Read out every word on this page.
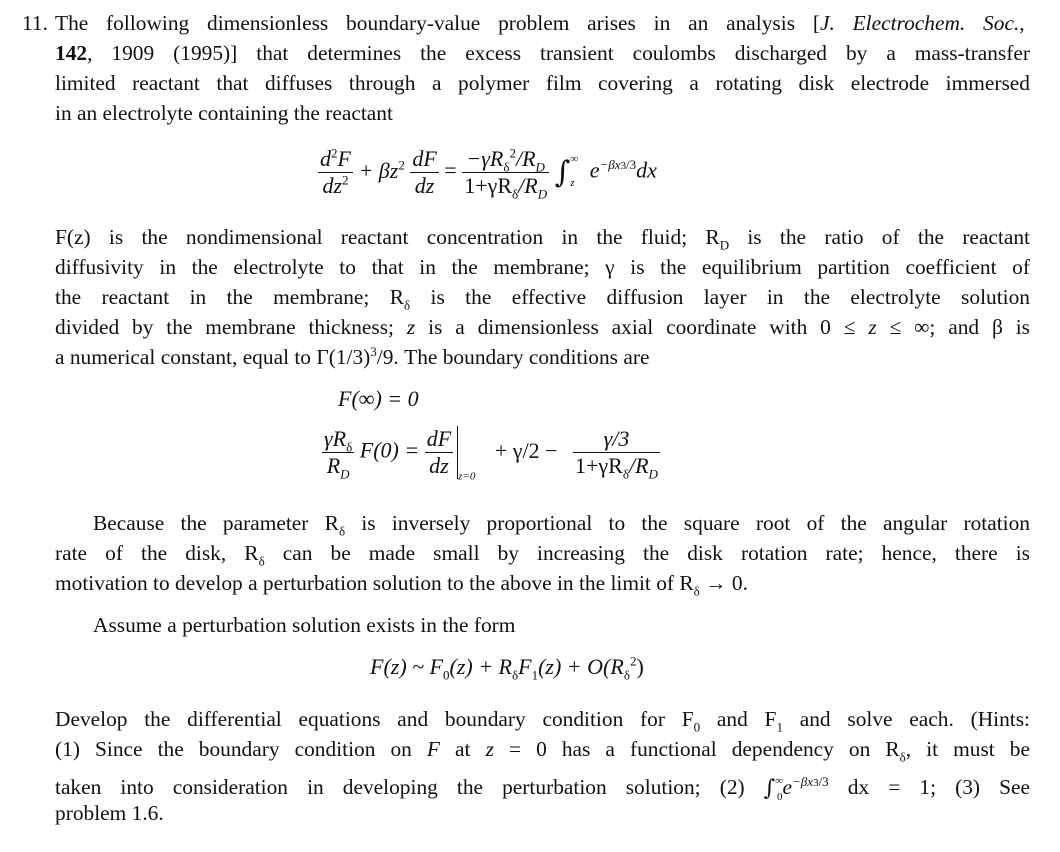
11. The following dimensionless boundary-value problem arises in an analysis [J. Electrochem. Soc.,
142, 1909 (1995)] that determines the excess transient coulombs discharged by a mass-transfer
limited reactant that diffuses through a polymer film covering a rotating disk electrode immersed
in an electrolyte containing the reactant
$\frac{d^2F}{dz^2} + \beta z^2 \frac{dF}{dz} = \frac{-\gamma R_\delta^2/R_D}{1+\gamma R_\delta/R_D}$ ∫ ∞
z $e^{-\beta x3/3}dx$
F(z) is the nondimensional reactant concentration in the fluid; $R_D$ is the ratio of the reactant
diffusivity in the electrolyte to that in the membrane; γ is the equilibrium partition coefficient of
the reactant in the membrane; $R_\delta$ is the effective diffusion layer in the electrolyte solution
divided by the membrane thickness; z is a dimensionless axial coordinate with 0 ≤ z ≤ ∞; and β is
a numerical constant, equal to $\Gamma(1/3)^3/9$. The boundary conditions are
F(∞) = 0
$\frac{\gamma R_\delta}{R_D} F(0) = \frac{dF}{dz} _{z=0} + \gamma/2 - \frac{\gamma/3}{1+\gamma R_\delta/R_D}$
Because the parameter $R_\delta$ is inversely proportional to the square root of the angular rotation
rate of the disk, $R_\delta$ can be made small by increasing the disk rotation rate; hence, there is
motivation to develop a perturbation solution to the above in the limit of $R_\delta \to 0$.
Assume a perturbation solution exists in the form
F(z) ~ $F_0(z) + R_\delta F_1(z) + O(R_\delta^2)$
Develop the differential equations and boundary condition for $F_0$ and $F_1$ and solve each. (Hints:
(1) Since the boundary condition on F at z = 0 has a functional dependency on $R_\delta$, it must be
taken into consideration in developing the perturbation solution; (2) $\int^\infty_0e^{-\beta x3/3}$ dx = 1; (3) See
problem 1.6.
